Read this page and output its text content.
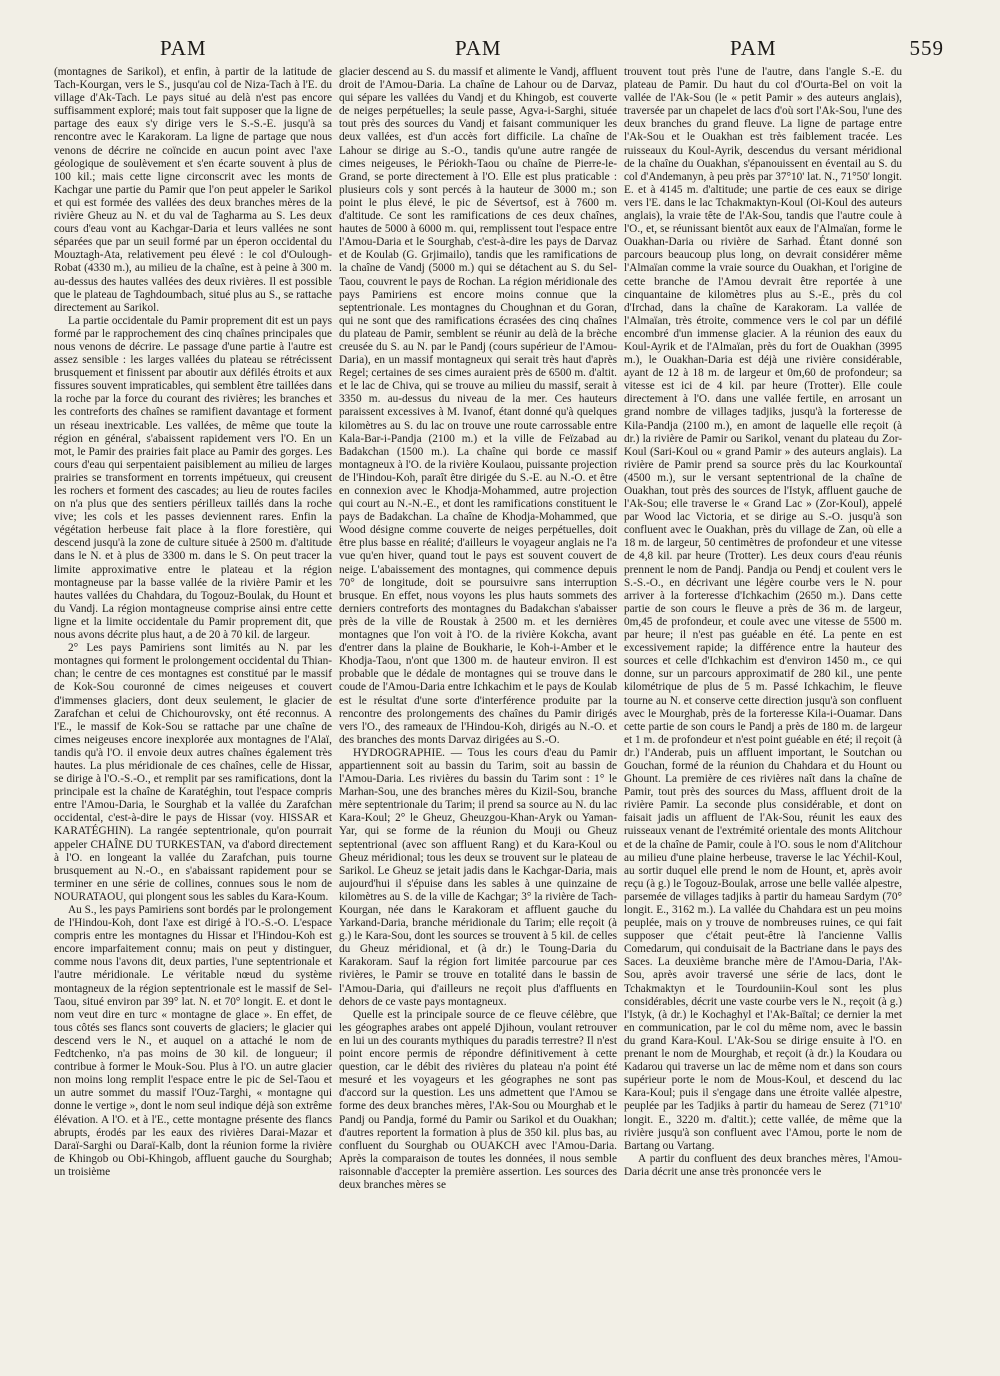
PAM	PAM	PAM	559

(montagnes de Sarikol), et enfin, à partir de la latitude de Tach-Kourgan, vers le S., jusqu'au col de Niza-Tach à l'E. du village d'Ak-Tach. Le pays situé au delà n'est pas encore suffisamment exploré; mais tout fait supposer que la ligne de partage des eaux s'y dirige vers le S.-S.-E. jusqu'à sa rencontre avec le Karakoram. La ligne de partage que nous venons de décrire ne coïncide en aucun point avec l'axe géologique de soulèvement et s'en écarte souvent à plus de 100 kil.; mais cette ligne circonscrit avec les monts de Kachgar une partie du Pamir que l'on peut appeler le Sarikol et qui est formée des vallées des deux branches mères de la rivière Gheuz au N. et du val de Tagharma au S. Les deux cours d'eau vont au Kachgar-Daria et leurs vallées ne sont séparées que par un seuil formé par un éperon occidental du Mouztagh-Ata, relativement peu élevé : le col d'Oulough-Robat (4330 m.), au milieu de la chaîne, est à peine à 300 m. au-dessus des hautes vallées des deux rivières. Il est possible que le plateau de Taghdoumbach, situé plus au S., se rattache directement au Sarikol.

La partie occidentale du Pamir proprement dit est un pays formé par le rapprochement des cinq chaînes principales que nous venons de décrire. Le passage d'une partie à l'autre est assez sensible : les larges vallées du plateau se rétrécissent brusquement et finissent par aboutir aux défilés étroits et aux fissures souvent impraticables, qui semblent être taillées dans la roche par la force du courant des rivières; les branches et les contreforts des chaînes se ramifient davantage et forment un réseau inextricable. Les vallées, de même que toute la région en général, s'abaissent rapidement vers l'O. En un mot, le Pamir des prairies fait place au Pamir des gorges. Les cours d'eau qui serpentaient paisiblement au milieu de larges prairies se transforment en torrents impétueux, qui creusent les rochers et forment des cascades; au lieu de routes faciles on n'a plus que des sentiers périlleux taillés dans la roche vive; les cols et les passes deviennent rares. Enfin la végétation herbeuse fait place à la flore forestière, qui descend jusqu'à la zone de culture située à 2500 m. d'altitude dans le N. et à plus de 3300 m. dans le S. On peut tracer la limite approximative entre le plateau et la région montagneuse par la basse vallée de la rivière Pamir et les hautes vallées du Chahdara, du Togouz-Boulak, du Hount et du Vandj. La région montagneuse comprise ainsi entre cette ligne et la limite occidentale du Pamir proprement dit, que nous avons décrite plus haut, a de 20 à 70 kil. de largeur.

2° Les pays Pamiriens sont limités au N. par les montagnes qui forment le prolongement occidental du Thian-chan; le centre de ces montagnes est constitué par le massif de Kok-Sou couronné de cimes neigeuses et couvert d'immenses glaciers, dont deux seulement, le glacier de Zarafchan et celui de Chichourovsky, ont été reconnus. A l'E., le massif de Kok-Sou se rattache par une chaîne de cimes neigeuses encore inexplorée aux montagnes de l'Alaï, tandis qu'à l'O. il envoie deux autres chaînes également très hautes. La plus méridionale de ces chaînes, celle de Hissar, se dirige à l'O.-S.-O., et remplit par ses ramifications, dont la principale est la chaîne de Karatéghin, tout l'espace compris entre l'Amou-Daria, le Sourghab et la vallée du Zarafchan occidental, c'est-à-dire le pays de Hissar (voy. HISSAR et KARATÉGHIN). La rangée septentrionale, qu'on pourrait appeler CHAÎNE DU TURKESTAN, va d'abord directement à l'O. en longeant la vallée du Zarafchan, puis tourne brusquement au N.-O., en s'abaissant rapidement pour se terminer en une série de collines, connues sous le nom de NOURATAOU, qui plongent sous les sables du Kara-Koum.

Au S., les pays Pamiriens sont bordés par le prolongement de l'Hindou-Koh, dont l'axe est dirigé à l'O.-S.-O. L'espace compris entre les montagnes du Hissar et l'Hindou-Koh est encore imparfaitement connu; mais on peut y distinguer, comme nous l'avons dit, deux parties, l'une septentrionale et l'autre méridionale. Le véritable nœud du système montagneux de la région septentrionale est le massif de Sel-Taou, situé environ par 39° lat. N. et 70° longit. E. et dont le nom veut dire en turc « montagne de glace ». En effet, de tous côtés ses flancs sont couverts de glaciers; le glacier qui descend vers le N., et auquel on a attaché le nom de Fedtchenko, n'a pas moins de 30 kil. de longueur; il contribue à former le Mouk-Sou. Plus à l'O. un autre glacier non moins long remplit l'espace entre le pic de Sel-Taou et un autre sommet du massif l'Ouz-Targhi, « montagne qui donne le vertige », dont le nom seul indique déjà son extrême élévation. A l'O. et à l'E., cette montagne présente des flancs abrupts, érodés par les eaux des rivières Darai-Mazar et Daraï-Sarghi ou Daraï-Kalb, dont la réunion forme la rivière de Khingob ou Obi-Khingob, affluent gauche du Sourghab; un troisième

glacier descend au S. du massif et alimente le Vandj, affluent droit de l'Amou-Daria. La chaîne de Lahour ou de Darvaz, qui sépare les vallées du Vandj et du Khingob, est couverte de neiges perpétuelles; la seule passe, Agva-i-Sarghi, située tout près des sources du Vandj et faisant communiquer les deux vallées, est d'un accès fort difficile. La chaîne de Lahour se dirige au S.-O., tandis qu'une autre rangée de cimes neigeuses, le Périokh-Taou ou chaîne de Pierre-le-Grand, se porte directement à l'O. Elle est plus praticable : plusieurs cols y sont percés à la hauteur de 3000 m.; son point le plus élevé, le pic de Sévertsof, est à 7600 m. d'altitude. Ce sont les ramifications de ces deux chaînes, hautes de 5000 à 6000 m. qui, remplissent tout l'espace entre l'Amou-Daria et le Sourghab, c'est-à-dire les pays de Darvaz et de Koulab (G. Grjimailo), tandis que les ramifications de la chaîne de Vandj (5000 m.) qui se détachent au S. du Sel-Taou, couvrent le pays de Rochan. La région méridionale des pays Pamiriens est encore moins connue que la septentrionale. Les montagnes du Choughnan et du Goran, qui ne sont que des ramifications écrasées des cinq chaînes du plateau de Pamir, semblent se réunir au delà de la brèche creusée du S. au N. par le Pandj (cours supérieur de l'Amou-Daria), en un massif montagneux qui serait très haut d'après Regel; certaines de ses cimes auraient près de 6500 m. d'altit. et le lac de Chiva, qui se trouve au milieu du massif, serait à 3350 m. au-dessus du niveau de la mer. Ces hauteurs paraissent excessives à M. Ivanof, étant donné qu'à quelques kilomètres au S. du lac on trouve une route carrossable entre Kala-Bar-i-Pandja (2100 m.) et la ville de Feïzabad au Badakchan (1500 m.). La chaîne qui borde ce massif montagneux à l'O. de la rivière Koulaou, puissante projection de l'Hindou-Koh, paraît être dirigée du S.-E. au N.-O. et être en connexion avec le Khodja-Mohammed, autre projection qui court au N.-N.-E., et dont les ramifications constituent le pays de Badakchan. La chaîne de Khodja-Mohammed, que Wood désigne comme couverte de neiges perpétuelles, doit être plus basse en réalité; d'ailleurs le voyageur anglais ne l'a vue qu'en hiver, quand tout le pays est souvent couvert de neige. L'abaissement des montagnes, qui commence depuis 70° de longitude, doit se poursuivre sans interruption brusque. En effet, nous voyons les plus hauts sommets des derniers contreforts des montagnes du Badakchan s'abaisser près de la ville de Roustak à 2500 m. et les dernières montagnes que l'on voit à l'O. de la rivière Kokcha, avant d'entrer dans la plaine de Boukharie, le Koh-i-Amber et le Khodja-Taou, n'ont que 1300 m. de hauteur environ. Il est probable que le dédale de montagnes qui se trouve dans le coude de l'Amou-Daria entre Ichkachim et le pays de Koulab est le résultat d'une sorte d'interférence produite par la rencontre des prolongements des chaînes du Pamir dirigés vers l'O., des rameaux de l'Hindou-Koh, dirigés au N.-O. et des branches des monts Darvaz dirigées au S.-O.

HYDROGRAPHIE. — Tous les cours d'eau du Pamir appartiennent soit au bassin du Tarim, soit au bassin de l'Amou-Daria. Les rivières du bassin du Tarim sont : 1° le Marhan-Sou, une des branches mères du Kizil-Sou, branche mère septentrionale du Tarim; il prend sa source au N. du lac Kara-Koul; 2° le Gheuz, Gheuzgou-Khan-Aryk ou Yaman-Yar, qui se forme de la réunion du Mouji ou Gheuz septentrional (avec son affluent Rang) et du Kara-Koul ou Gheuz méridional; tous les deux se trouvent sur le plateau de Sarikol. Le Gheuz se jetait jadis dans le Kachgar-Daria, mais aujourd'hui il s'épuise dans les sables à une quinzaine de kilomètres au S. de la ville de Kachgar; 3° la rivière de Tach-Kourgan, née dans le Karakoram et affluent gauche du Yarkand-Daria, branche méridionale du Tarim; elle reçoit (à g.) le Kara-Sou, dont les sources se trouvent à 5 kil. de celles du Gheuz méridional, et (à dr.) le Toung-Daria du Karakoram. Sauf la région fort limitée parcourue par ces rivières, le Pamir se trouve en totalité dans le bassin de l'Amou-Daria, qui d'ailleurs ne reçoit plus d'affluents en dehors de ce vaste pays montagneux.

Quelle est la principale source de ce fleuve célèbre, que les géographes arabes ont appelé Djihoun, voulant retrouver en lui un des courants mythiques du paradis terrestre? Il n'est point encore permis de répondre définitivement à cette question, car le débit des rivières du plateau n'a point été mesuré et les voyageurs et les géographes ne sont pas d'accord sur la question. Les uns admettent que l'Amou se forme des deux branches mères, l'Ak-Sou ou Mourghab et le Pandj ou Pandja, formé du Pamir ou Sarikol et du Ouakhan; d'autres reportent la formation à plus de 350 kil. plus bas, au confluent du Sourghab ou OUAKCH avec l'Amou-Daria. Après la comparaison de toutes les données, il nous semble raisonnable d'accepter la première assertion. Les sources des deux branches mères se

trouvent tout près l'une de l'autre, dans l'angle S.-E. du plateau de Pamir. Du haut du col d'Ourta-Bel on voit la vallée de l'Ak-Sou (le « petit Pamir » des auteurs anglais), traversée par un chapelet de lacs d'où sort l'Ak-Sou, l'une des deux branches du grand fleuve. La ligne de partage entre l'Ak-Sou et le Ouakhan est très faiblement tracée. Les ruisseaux du Koul-Ayrik, descendus du versant méridional de la chaîne du Ouakhan, s'épanouissent en éventail au S. du col d'Andemanyn, à peu près par 37°10' lat. N., 71°50' longit. E. et à 4145 m. d'altitude; une partie de ces eaux se dirige vers l'E. dans le lac Tchakmaktyn-Koul (Oi-Koul des auteurs anglais), la vraie tête de l'Ak-Sou, tandis que l'autre coule à l'O., et, se réunissant bientôt aux eaux de l'Almaïan, forme le Ouakhan-Daria ou rivière de Sarhad. Étant donné son parcours beaucoup plus long, on devrait considérer même l'Almaïan comme la vraie source du Ouakhan, et l'origine de cette branche de l'Amou devrait être reportée à une cinquantaine de kilomètres plus au S.-E., près du col d'Irchad, dans la chaîne de Karakoram. La vallée de l'Almaïan, très étroite, commence vers le col par un défilé encombré d'un immense glacier. A la réunion des eaux du Koul-Ayrik et de l'Almaïan, près du fort de Ouakhan (3995 m.), le Ouakhan-Daria est déjà une rivière considérable, ayant de 12 à 18 m. de largeur et 0m,60 de profondeur; sa vitesse est ici de 4 kil. par heure (Trotter). Elle coule directement à l'O. dans une vallée fertile, en arrosant un grand nombre de villages tadjiks, jusqu'à la forteresse de Kila-Pandja (2100 m.), en amont de laquelle elle reçoit (à dr.) la rivière de Pamir ou Sarikol, venant du plateau du Zor-Koul (Sari-Koul ou « grand Pamir » des auteurs anglais). La rivière de Pamir prend sa source près du lac Kourkountaï (4500 m.), sur le versant septentrional de la chaîne de Ouakhan, tout près des sources de l'Istyk, affluent gauche de l'Ak-Sou; elle traverse le « Grand Lac » (Zor-Koul), appelé par Wood lac Victoria, et se dirige au S.-O. jusqu'à son confluent avec le Ouakhan, près du village de Zan, où elle a 18 m. de largeur, 50 centimètres de profondeur et une vitesse de 4,8 kil. par heure (Trotter). Les deux cours d'eau réunis prennent le nom de Pandj. Pandja ou Pendj et coulent vers le S.-S.-O., en décrivant une légère courbe vers le N. pour arriver à la forteresse d'Ichkachim (2650 m.). Dans cette partie de son cours le fleuve a près de 36 m. de largeur, 0m,45 de profondeur, et coule avec une vitesse de 5500 m. par heure; il n'est pas guéable en été. La pente en est excessivement rapide; la différence entre la hauteur des sources et celle d'Ichkachim est d'environ 1450 m., ce qui donne, sur un parcours approximatif de 280 kil., une pente kilométrique de plus de 5 m. Passé Ichkachim, le fleuve tourne au N. et conserve cette direction jusqu'à son confluent avec le Mourghab, près de la forteresse Kila-i-Ouamar. Dans cette partie de son cours le Pandj a près de 180 m. de largeur et 1 m. de profondeur et n'est point guéable en été; il reçoit (à dr.) l'Anderab, puis un affluent important, le Soutchan ou Gouchan, formé de la réunion du Chahdara et du Hount ou Ghount. La première de ces rivières naît dans la chaîne de Pamir, tout près des sources du Mass, affluent droit de la rivière Pamir. La seconde plus considérable, et dont on faisait jadis un affluent de l'Ak-Sou, réunit les eaux des ruisseaux venant de l'extrémité orientale des monts Alitchour et de la chaîne de Pamir, coule à l'O. sous le nom d'Alitchour au milieu d'une plaine herbeuse, traverse le lac Yéchil-Koul, au sortir duquel elle prend le nom de Hount, et, après avoir reçu (à g.) le Togouz-Boulak, arrose une belle vallée alpestre, parsemée de villages tadjiks à partir du hameau Sardym (70° longit. E., 3162 m.). La vallée du Chahdara est un peu moins peuplée, mais on y trouve de nombreuses ruines, ce qui fait supposer que c'était peut-être là l'ancienne Vallis Comedarum, qui conduisait de la Bactriane dans le pays des Saces. La deuxième branche mère de l'Amou-Daria, l'Ak-Sou, après avoir traversé une série de lacs, dont le Tchakmaktyn et le Tourdouniin-Koul sont les plus considérables, décrit une vaste courbe vers le N., reçoit (à g.) l'Istyk, (à dr.) le Kochaghyl et l'Ak-Baïtal; ce dernier la met en communication, par le col du même nom, avec le bassin du grand Kara-Koul. L'Ak-Sou se dirige ensuite à l'O. en prenant le nom de Mourghab, et reçoit (à dr.) la Koudara ou Kadarou qui traverse un lac de même nom et dans son cours supérieur porte le nom de Mous-Koul, et descend du lac Kara-Koul; puis il s'engage dans une étroite vallée alpestre, peuplée par les Tadjiks à partir du hameau de Serez (71°10' longit. E., 3220 m. d'altit.); cette vallée, de même que la rivière jusqu'à son confluent avec l'Amou, porte le nom de Bartang ou Vartang.

A partir du confluent des deux branches mères, l'Amou-Daria décrit une anse très prononcée vers le
